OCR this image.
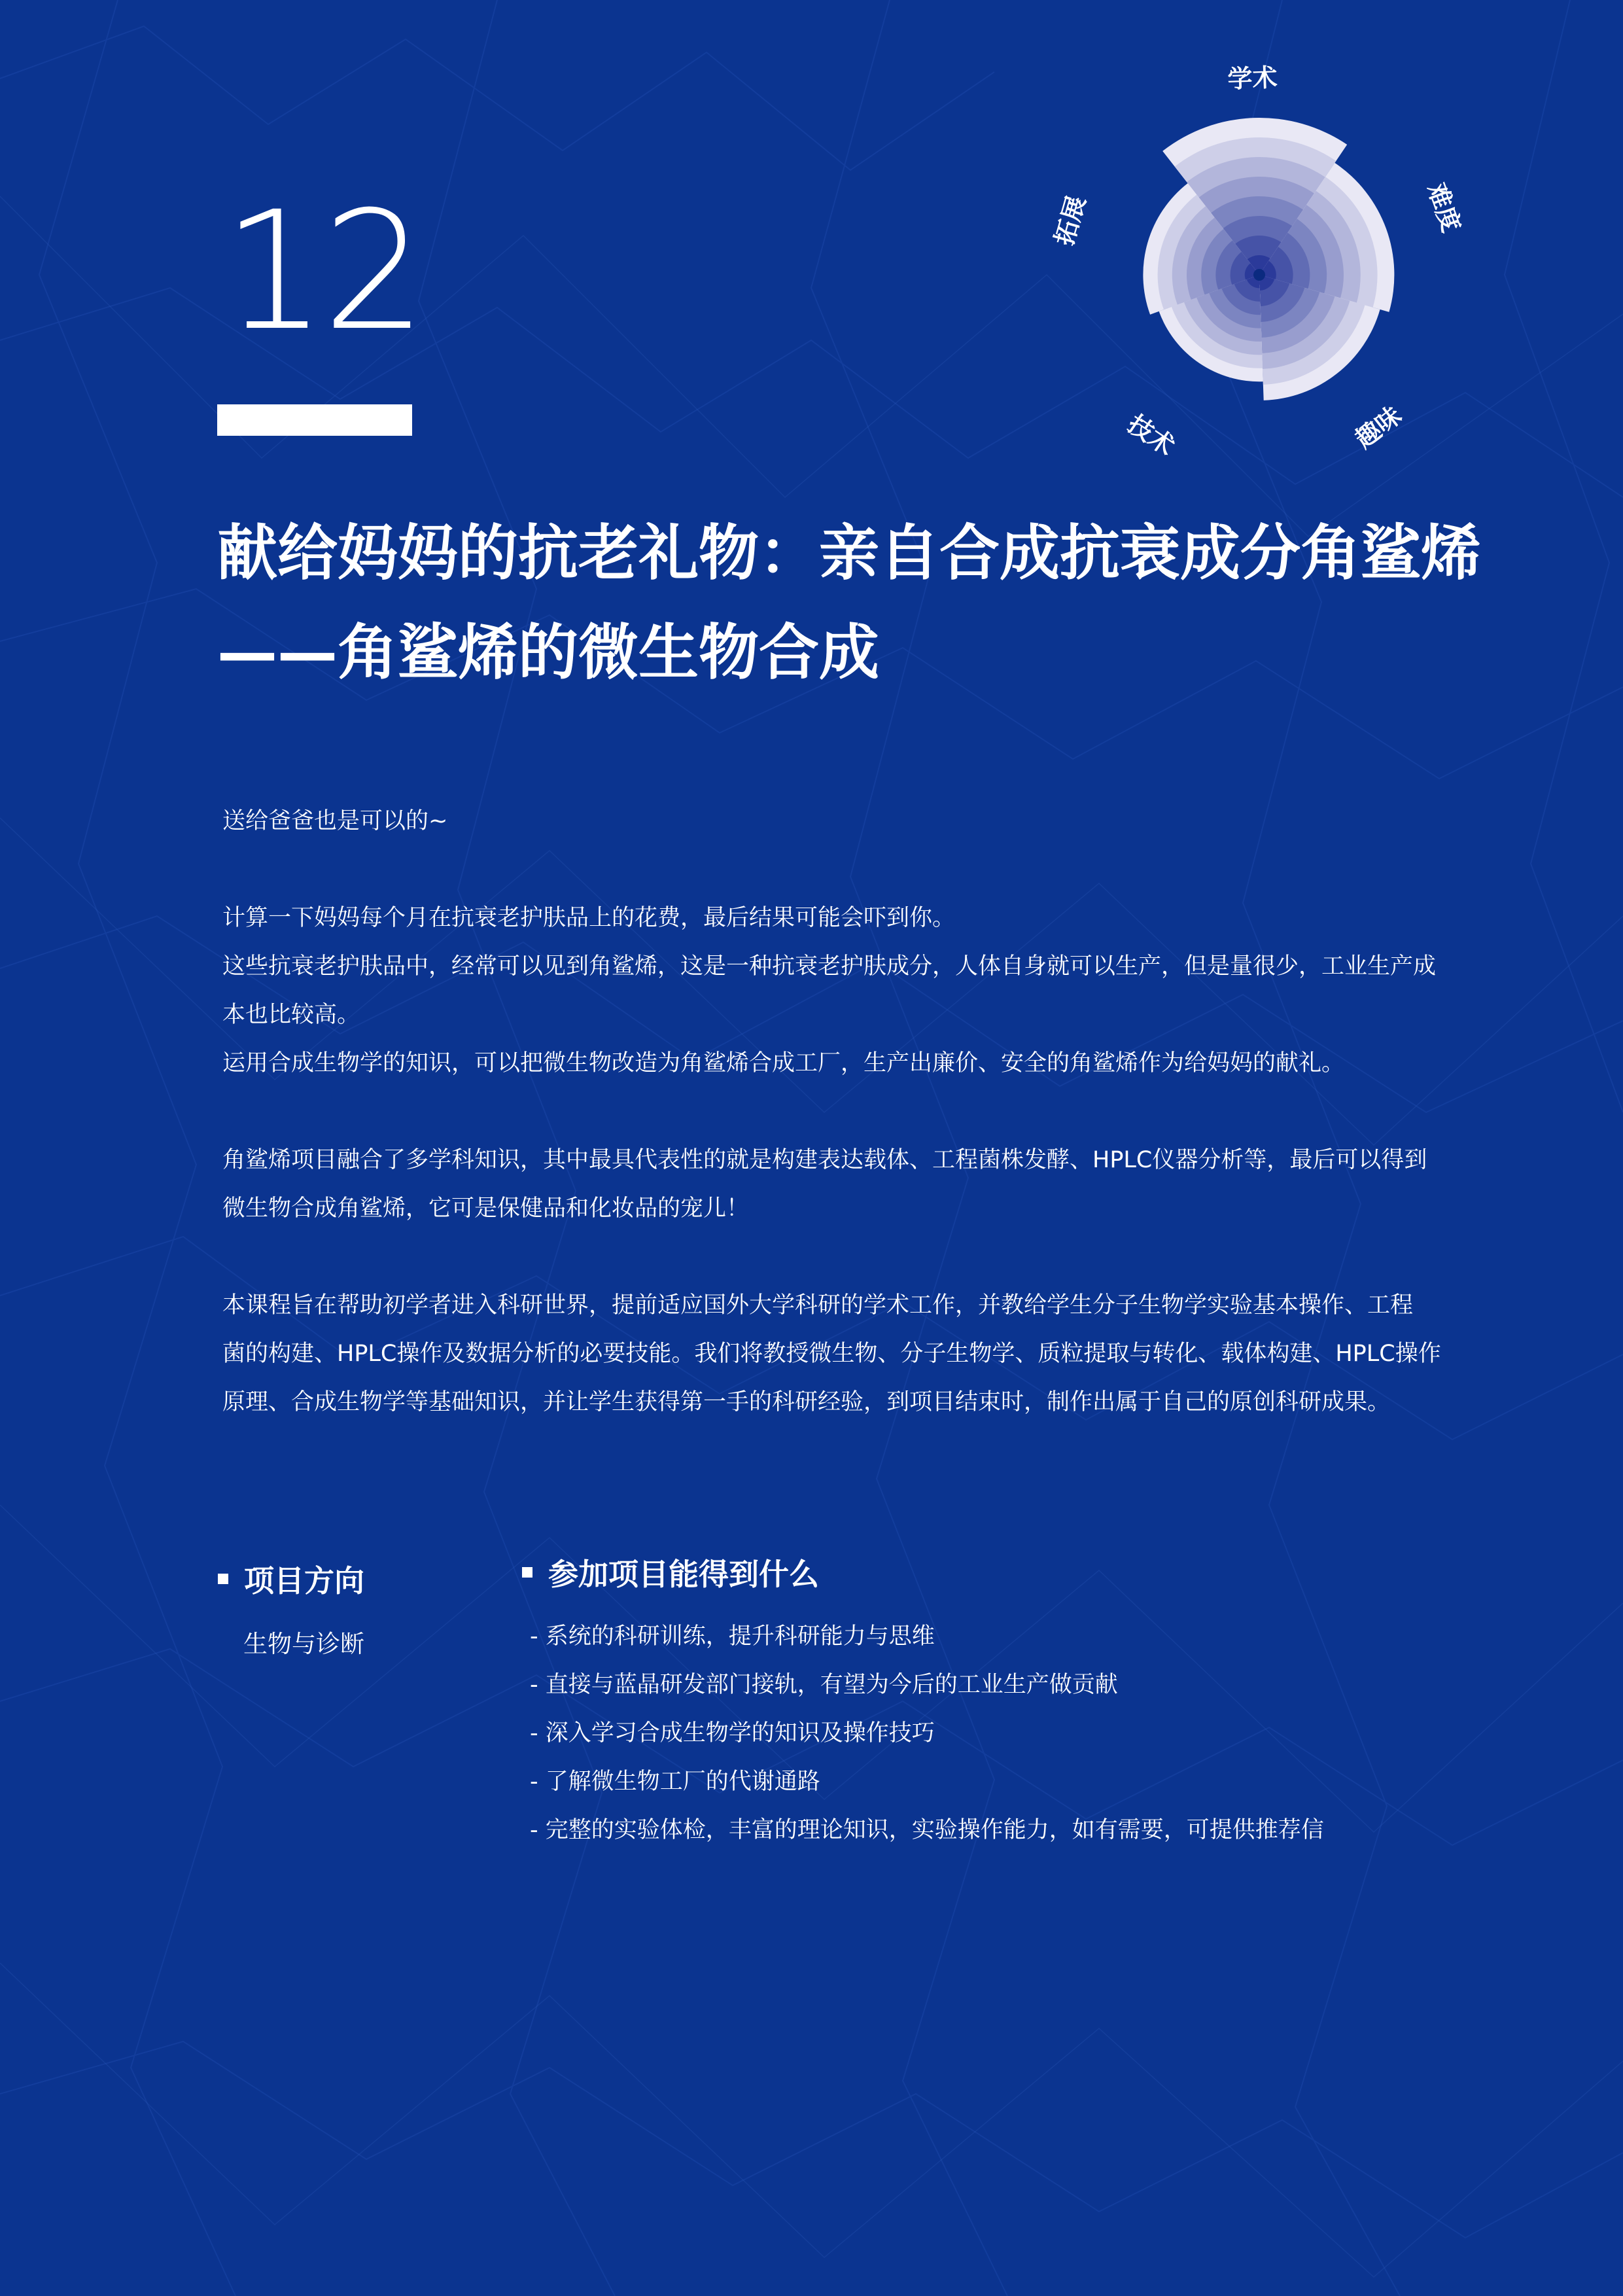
12
献给妈妈的抗老礼物：亲自合成抗衰成分角鲨烯
——角鲨烯的微生物合成
送给爸爸也是可以的~
计算一下妈妈每个月在抗衰老护肤品上的花费，最后结果可能会吓到你。
这些抗衰老护肤品中，经常可以见到角鲨烯，这是一种抗衰老护肤成分，人体自身就可以生产，但是量很少，工业生产成
本也比较高。
运用合成生物学的知识，可以把微生物改造为角鲨烯合成工厂，生产出廉价、安全的角鲨烯作为给妈妈的献礼。
角鲨烯项目融合了多学科知识，其中最具代表性的就是构建表达载体、工程菌株发酵、HPLC仪器分析等，最后可以得到
微生物合成角鲨烯，它可是保健品和化妆品的宠儿！
本课程旨在帮助初学者进入科研世界，提前适应国外大学科研的学术工作，并教给学生分子生物学实验基本操作、工程
菌的构建、HPLC操作及数据分析的必要技能。我们将教授微生物、分子生物学、质粒提取与转化、载体构建、HPLC操作
原理、合成生物学等基础知识，并让学生获得第一手的科研经验，到项目结束时，制作出属于自己的原创科研成果。
项目方向
生物与诊断
参加项目能得到什么
- 系统的科研训练，提升科研能力与思维
- 直接与蓝晶研发部门接轨，有望为今后的工业生产做贡献
- 深入学习合成生物学的知识及操作技巧
- 了解微生物工厂的代谢通路
- 完整的实验体检，丰富的理论知识，实验操作能力，如有需要，可提供推荐信
学术
难度
趣味
技术
拓展
